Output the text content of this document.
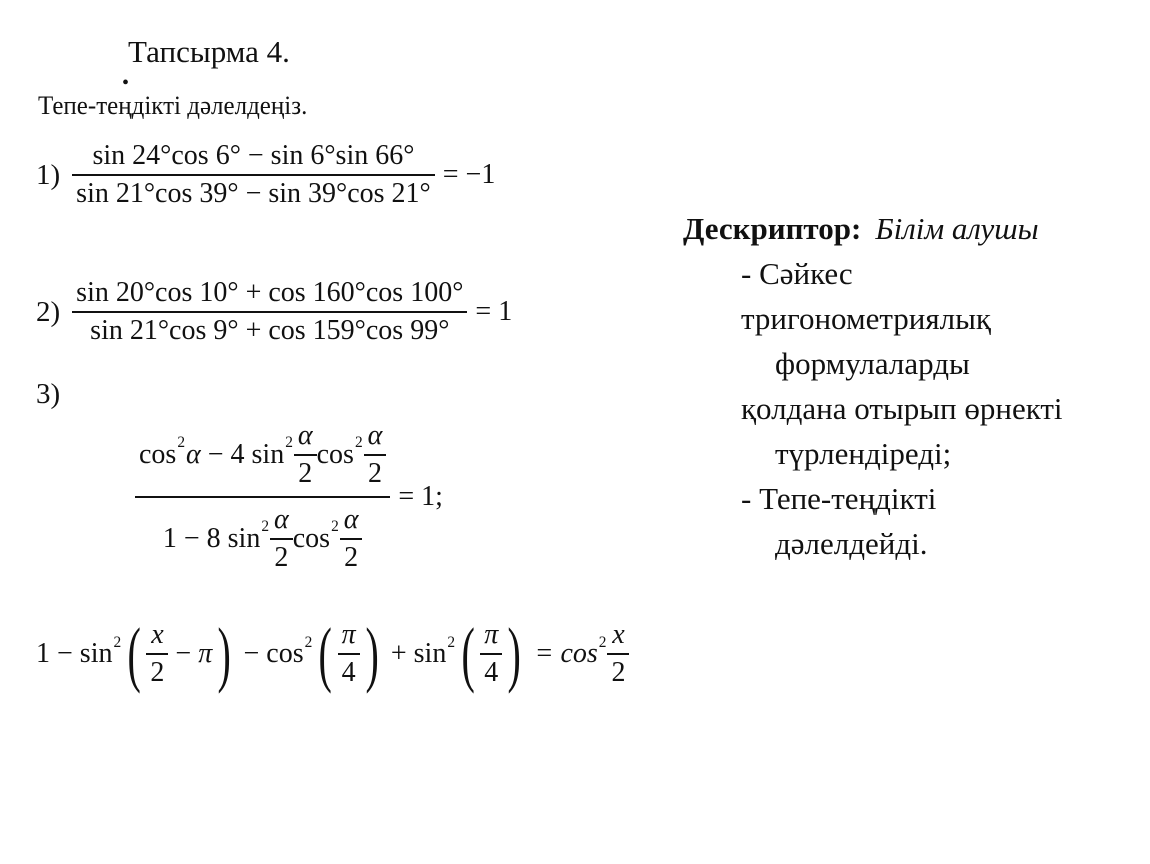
Тапсырма 4.
•
Тепе-теңдікті дәлелдеңіз.
$1) \frac{\sin 24^\circ\cos 6^\circ - \sin 6^\circ\sin 66^\circ}{\sin 21^\circ\cos 39^\circ - \sin 39^\circ\cos 21^\circ} = -1$
$2) \frac{\sin 20^\circ\cos 10^\circ + \cos 160^\circ\cos 100^\circ}{\sin 21^\circ\cos 9^\circ + \cos 159^\circ\cos 99^\circ} = 1$
3)
$\frac{\cos 2 \alpha - 4 \sin 2 \frac{\alpha}{2} \cos 2 \frac{\alpha}{2}}{1 - 8 \sin 2 \frac{\alpha}{2} \cos 2 \frac{\alpha}{2}} = 1$;
1 − sin 2 ( $\frac{x}{2} - \pi$ ) − cos 2 ( $\frac{\pi}{4}$ ) + sin 2 ( $\frac{\pi}{4}$ ) = $\cos 2 \frac{x}{2}$
Дескриптор: Білім алушы
- Сәйкес
тригонометриялық
формулаларды
қолдана отырып өрнекті
түрлендіреді;
- Тепе-теңдікті
дәлелдейді.
